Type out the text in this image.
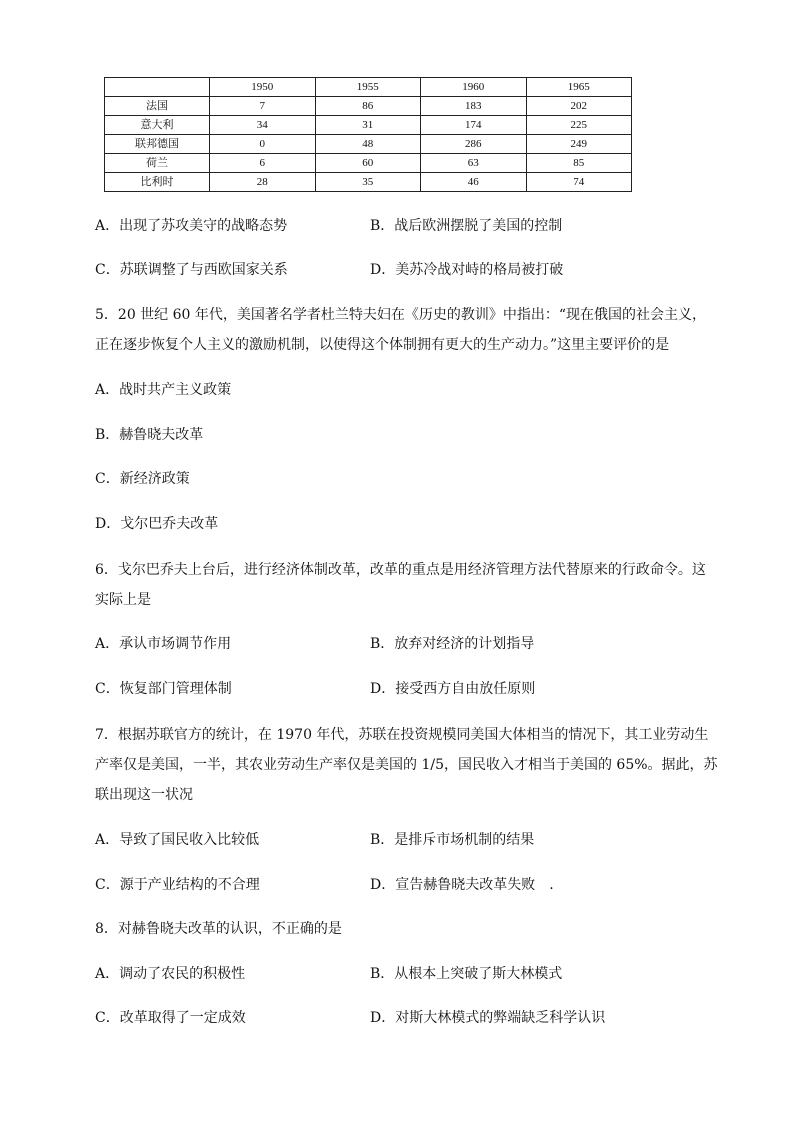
	1950	1955	1960	1965
法国	7	86	183	202
意大利	34	31	174	225
联邦德国	0	48	286	249
荷兰	6	60	63	85
比利时	28	35	46	74
A．出现了苏攻美守的战略态势	B．战后欧洲摆脱了美国的控制
C．苏联调整了与西欧国家关系	D．美苏冷战对峙的格局被打破
5．20 世纪 60 年代，美国著名学者杜兰特夫妇在《历史的教训》中指出：“现在俄国的社会主义，
正在逐步恢复个人主义的激励机制，以使得这个体制拥有更大的生产动力。”这里主要评价的是
A．战时共产主义政策
B．赫鲁晓夫改革
C．新经济政策
D．戈尔巴乔夫改革
6．戈尔巴乔夫上台后，进行经济体制改革，改革的重点是用经济管理方法代替原来的行政命令。这
实际上是
A．承认市场调节作用	B．放弃对经济的计划指导
C．恢复部门管理体制	D．接受西方自由放任原则
7．根据苏联官方的统计，在 1970 年代，苏联在投资规模同美国大体相当的情况下，其工业劳动生
产率仅是美国，一半，其农业劳动生产率仅是美国的 1/5，国民收入才相当于美国的 65%。据此，苏
联出现这一状况
A．导致了国民收入比较低	B．是排斥市场机制的结果
C．源于产业结构的不合理	D．宣告赫鲁晓夫改革失败　.
8．对赫鲁晓夫改革的认识，不正确的是
A．调动了农民的积极性	B．从根本上突破了斯大林模式
C．改革取得了一定成效	D．对斯大林模式的弊端缺乏科学认识
